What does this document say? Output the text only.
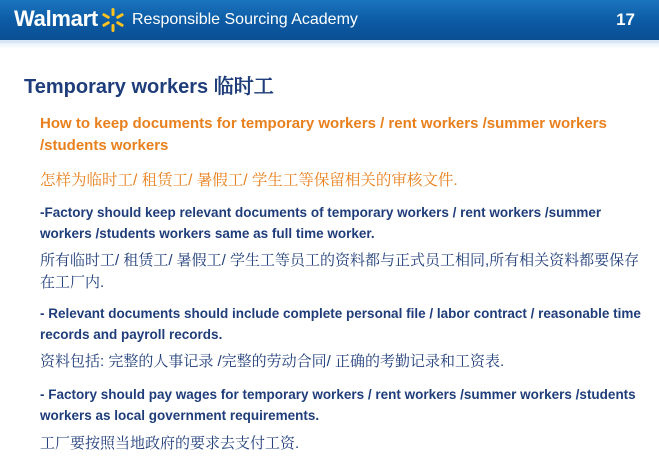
Walmart Responsible Sourcing Academy	17
Temporary workers 临时工
How to keep documents for temporary workers / rent workers /summer workers /students workers
怎样为临时工/ 租赁工/ 暑假工/ 学生工等保留相关的审核文件.
-Factory should keep relevant documents of temporary workers / rent workers /summer workers /students workers same as full time worker.
所有临时工/ 租赁工/ 暑假工/ 学生工等员工的资料都与正式员工相同,所有相关资料都要保存在工厂内.
- Relevant documents should include complete personal file / labor contract / reasonable time records and payroll records.
资料包括: 完整的人事记录 /完整的劳动合同/ 正确的考勤记录和工资表.
- Factory should pay wages for temporary workers / rent workers /summer workers /students workers as local government requirements.
工厂要按照当地政府的要求去支付工资.
